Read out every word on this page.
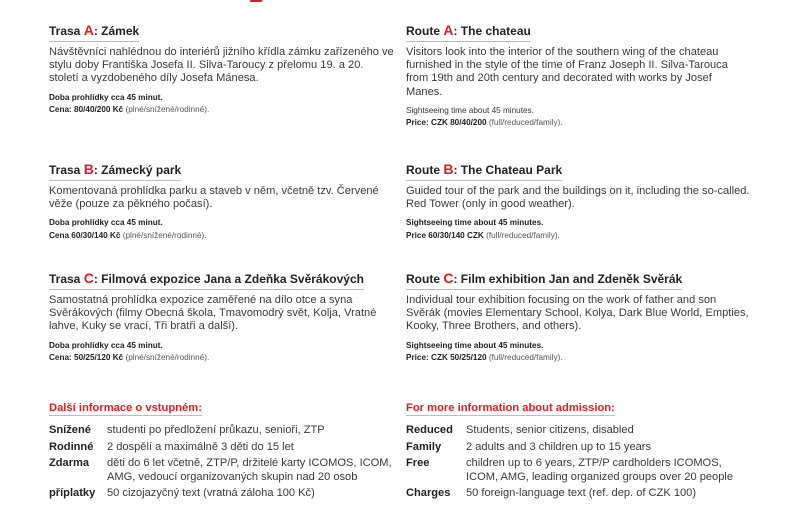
Trasa A: Zámek
Návštěvníci nahlédnou do interiérů jižního křídla zámku zařízeného ve stylu doby Františka Josefa II. Silva-Taroucy z přelomu 19. a 20. století a vyzdobeného díly Josefa Mánesa.
Doba prohlídky cca 45 minut.
Cena: 80/40/200 Kč (plné/snížené/rodinné).
Trasa B: Zámecký park
Komentovaná prohlídka parku a staveb v něm, včetně tzv. Červené věže (pouze za pěkného počasí).
Doba prohlídky cca 45 minut.
Cena 60/30/140 Kč (plné/snížené/rodinné).
Trasa C: Filmová expozice Jana a Zdeňka Svěrákových
Samostatná prohlídka expozice zaměřené na dílo otce a syna Svěrákových (filmy Obecná škola, Tmavomodrý svět, Kolja, Vratné lahve, Kuky se vrací, Tři bratři a další).
Doba prohlídky cca 45 minut.
Cena: 50/25/120 Kč (plné/snížené/rodinné).
Další informace o vstupném:
Snížené	studenti po předložení průkazu, senioři, ZTP
Rodinné	2 dospělí a maximálně 3 děti do 15 let
Zdarma	děti do 6 let včetně, ZTP/P, držitelé karty ICOMOS, ICOM, AMG, vedoucí organizovaných skupin nad 20 osob
příplatky	50 cizojazyčný text (vratná záloha 100 Kč)
Route A: The chateau
Visitors look into the interior of the southern wing of the chateau furnished in the style of the time of Franz Joseph II. Silva-Tarouca from 19th and 20th century and decorated with works by Josef Manes.
Sightseeing time about 45 minutes.
Price: CZK 80/40/200 (full/reduced/family).
Route B: The Chateau Park
Guided tour of the park and the buildings on it, including the so-called. Red Tower (only in good weather).
Sightseeing time about 45 minutes.
Price 60/30/140 CZK (full/reduced/family).
Route C: Film exhibition Jan and Zdeněk Svěrák
Individual tour exhibition focusing on the work of father and son Svěrák (movies Elementary School, Kolya, Dark Blue World, Empties, Kooky, Three Brothers, and others).
Sightseeing time about 45 minutes.
Price: CZK 50/25/120 (full/reduced/family).
For more information about admission:
Reduced	Students, senior citizens, disabled
Family	2 adults and 3 children up to 15 years
Free	children up to 6 years, ZTP/P cardholders ICOMOS, ICOM, AMG, leading organized groups over 20 people
Charges	50 foreign-language text (ref. dep. of CZK 100)
